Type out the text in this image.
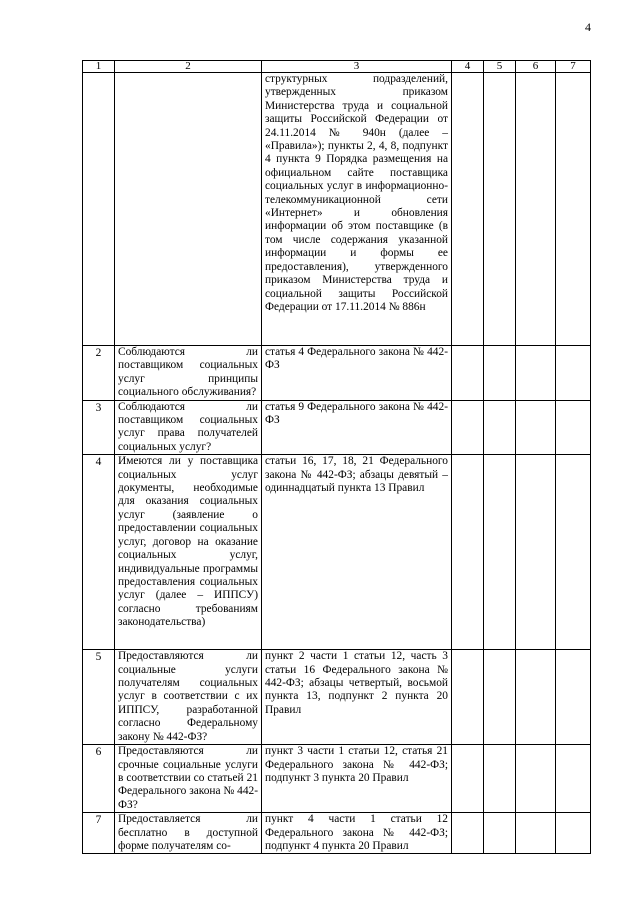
4
1	2	3	4	5	6	7
		структурных подразделений, утвержденных приказом Министерства труда и социальной защиты Российской Федерации от 24.11.2014 № 940н (далее – «Правила»); пункты 2, 4, 8, подпункт 4 пункта 9 Порядка размещения на официальном сайте поставщика социальных услуг в информационно-телекоммуникационной сети «Интернет» и обновления информации об этом поставщике (в том числе содержания указанной информации и формы ее предоставления), утвержденного приказом Министерства труда и социальной защиты Российской Федерации от 17.11.2014 № 886н				
2	Соблюдаются ли поставщиком социальных услуг принципы социального обслуживания?	статья 4 Федерального закона № 442-ФЗ				
3	Соблюдаются ли поставщиком социальных услуг права получателей социальных услуг?	статья 9 Федерального закона № 442-ФЗ				
4	Имеются ли у поставщика социальных услуг документы, необходимые для оказания социальных услуг (заявление о предоставлении социальных услуг, договор на оказание социальных услуг, индивидуальные программы предоставления социальных услуг (далее – ИППСУ) согласно требованиям законодательства)	статьи 16, 17, 18, 21 Федерального закона № 442-ФЗ; абзацы девятый – одиннадцатый пункта 13 Правил				
5	Предоставляются ли социальные услуги получателям социальных услуг в соответствии с их ИППСУ, разработанной согласно Федеральному закону № 442-ФЗ?	пункт 2 части 1 статьи 12, часть 3 статьи 16 Федерального закона № 442-ФЗ; абзацы четвертый, восьмой пункта 13, подпункт 2 пункта 20 Правил				
6	Предоставляются ли срочные социальные услуги в соответствии со статьей 21 Федерального закона № 442-ФЗ?	пункт 3 части 1 статьи 12, статья 21 Федерального закона № 442-ФЗ; подпункт 3 пункта 20 Правил				
7	Предоставляется ли бесплатно в доступной форме получателям со-	пункт 4 части 1 статьи 12 Федерального закона № 442-ФЗ; подпункт 4 пункта 20 Правил				
